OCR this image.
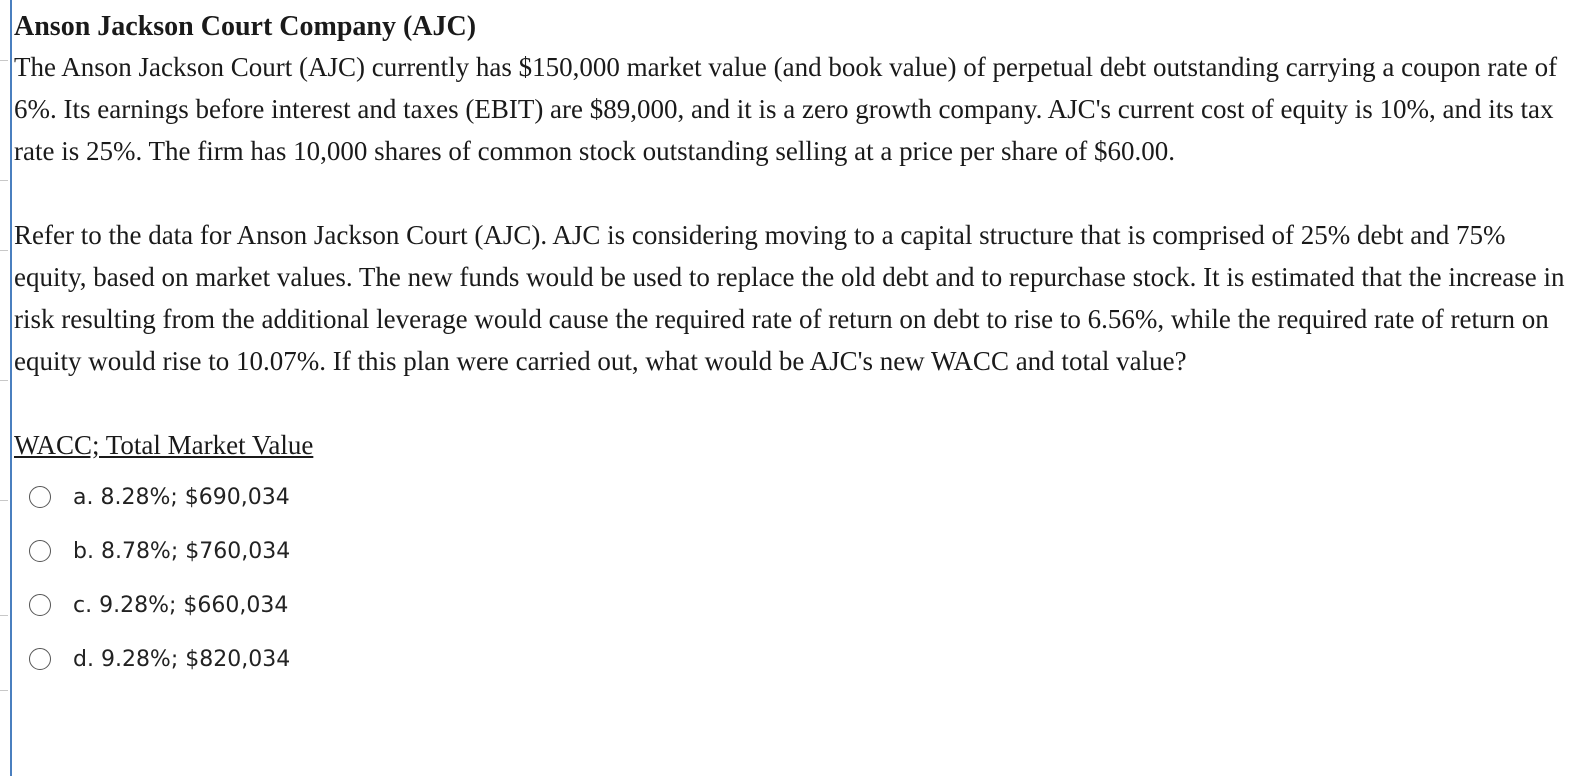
Anson Jackson Court Company (AJC)

The Anson Jackson Court (AJC) currently has $150,000 market value (and book value) of perpetual debt outstanding carrying a coupon rate of 6%. Its earnings before interest and taxes (EBIT) are $89,000, and it is a zero growth company. AJC's current cost of equity is 10%, and its tax rate is 25%. The firm has 10,000 shares of common stock outstanding selling at a price per share of $60.00.

Refer to the data for Anson Jackson Court (AJC). AJC is considering moving to a capital structure that is comprised of 25% debt and 75% equity, based on market values. The new funds would be used to replace the old debt and to repurchase stock. It is estimated that the increase in risk resulting from the additional leverage would cause the required rate of return on debt to rise to 6.56%, while the required rate of return on equity would rise to 10.07%. If this plan were carried out, what would be AJC's new WACC and total value?

WACC; Total Market Value
a. 8.28%; $690,034
b. 8.78%; $760,034
c. 9.28%; $660,034
d. 9.28%; $820,034
